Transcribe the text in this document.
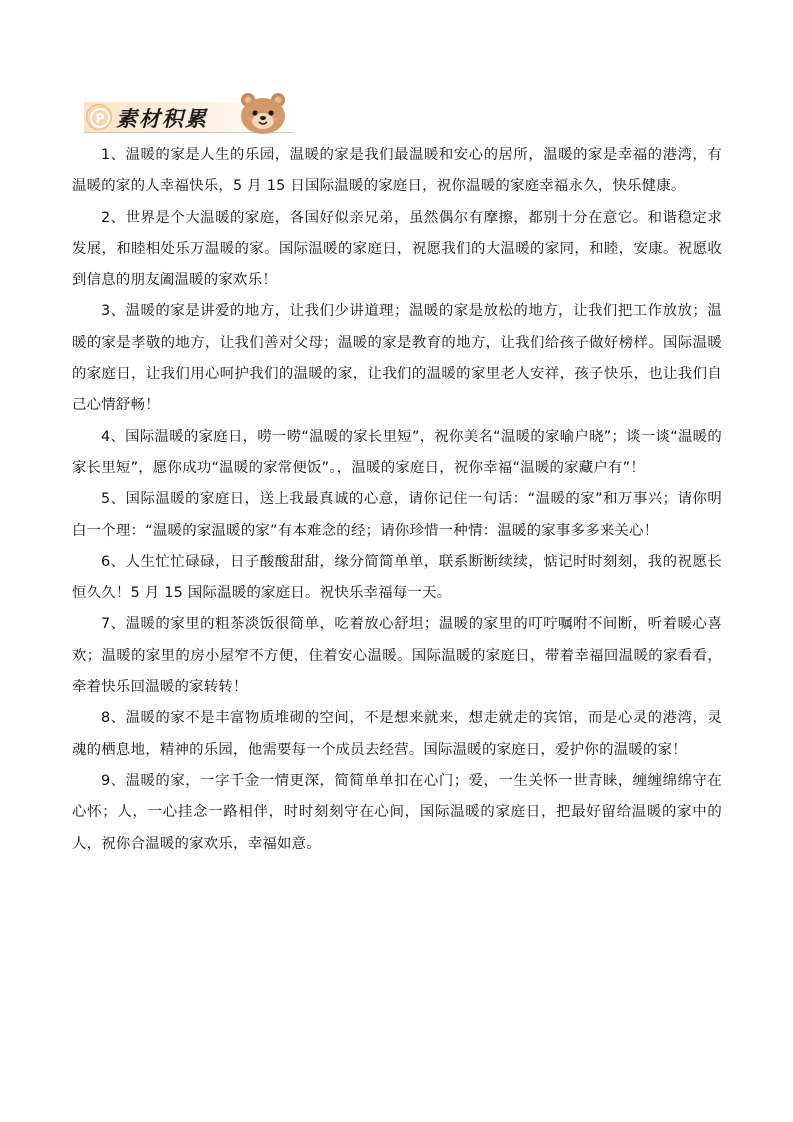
P 素材积累

1、温暖的家是人生的乐园，温暖的家是我们最温暖和安心的居所，温暖的家是幸福的港湾，有温暖的家的人幸福快乐，5 月 15 日国际温暖的家庭日，祝你温暖的家庭幸福永久，快乐健康。

2、世界是个大温暖的家庭，各国好似亲兄弟，虽然偶尔有摩擦，都别十分在意它。和谐稳定求发展，和睦相处乐万温暖的家。国际温暖的家庭日，祝愿我们的大温暖的家同，和睦，安康。祝愿收到信息的朋友阖温暖的家欢乐！

3、温暖的家是讲爱的地方，让我们少讲道理；温暖的家是放松的地方，让我们把工作放放；温暖的家是孝敬的地方，让我们善对父母；温暖的家是教育的地方，让我们给孩子做好榜样。国际温暖的家庭日，让我们用心呵护我们的温暖的家，让我们的温暖的家里老人安祥，孩子快乐，也让我们自己心情舒畅！

4、国际温暖的家庭日，唠一唠“温暖的家长里短”，祝你美名“温暖的家喻户晓”；谈一谈“温暖的家长里短”，愿你成功“温暖的家常便饭”。，温暖的家庭日，祝你幸福“温暖的家藏户有”！

5、国际温暖的家庭日，送上我最真诚的心意，请你记住一句话：“温暖的家”和万事兴；请你明白一个理：“温暖的家温暖的家”有本难念的经；请你珍惜一种情：温暖的家事多多来关心！

6、人生忙忙碌碌，日子酸酸甜甜，缘分简简单单，联系断断续续，惦记时时刻刻，我的祝愿长恒久久！5 月 15 国际温暖的家庭日。祝快乐幸福每一天。

7、温暖的家里的粗茶淡饭很简单，吃着放心舒坦；温暖的家里的叮咛嘱咐不间断，听着暖心喜欢；温暖的家里的房小屋窄不方便，住着安心温暖。国际温暖的家庭日，带着幸福回温暖的家看看，牵着快乐回温暖的家转转！

8、温暖的家不是丰富物质堆砌的空间，不是想来就来，想走就走的宾馆，而是心灵的港湾，灵魂的栖息地，精神的乐园，他需要每一个成员去经营。国际温暖的家庭日，爱护你的温暖的家！

9、温暖的家，一字千金一情更深，简简单单扣在心门；爱，一生关怀一世青睐，缠缠绵绵守在心怀；人，一心挂念一路相伴，时时刻刻守在心间，国际温暖的家庭日，把最好留给温暖的家中的人，祝你合温暖的家欢乐，幸福如意。
